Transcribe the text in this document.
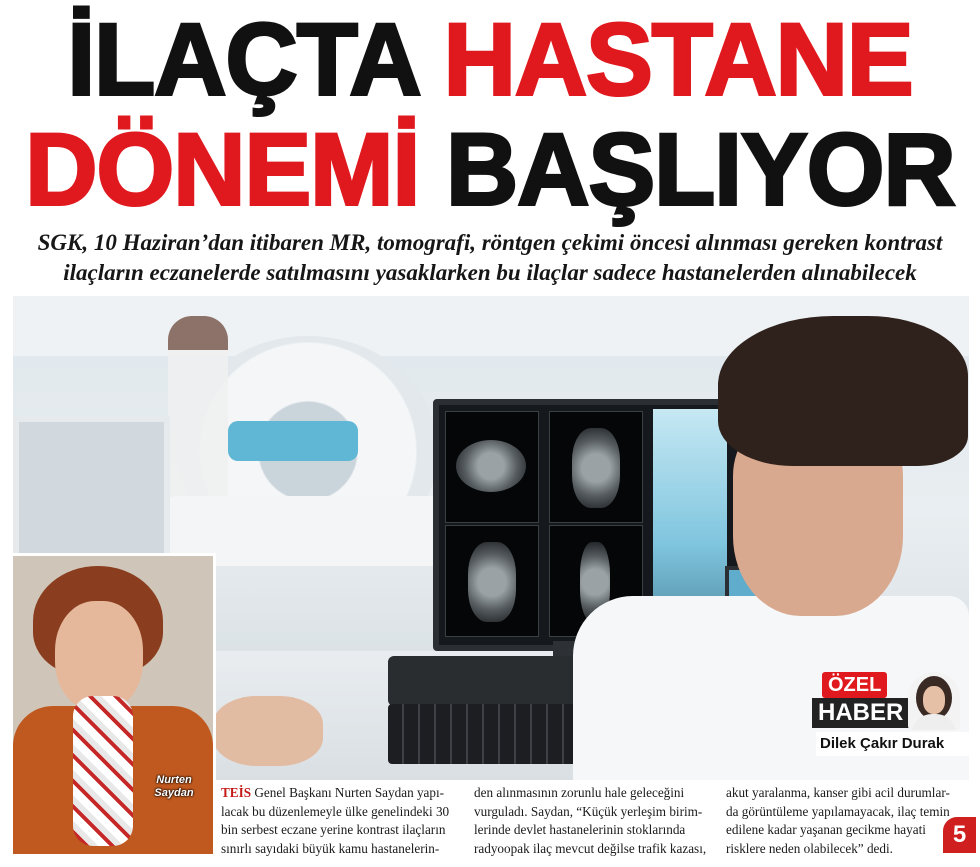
İLAÇTA HASTANE
DÖNEMİ BAŞLIYOR
SGK, 10 Haziran’dan itibaren MR, tomografi, röntgen çekimi öncesi alınması gereken kontrast
ilaçların eczanelerde satılmasını yasaklarken bu ilaçlar sadece hastanelerden alınabilecek
Nurten
Saydan
ÖZEL
HABER
Dilek Çakır Durak
TEİS Genel Başkanı Nurten Saydan yapı-
lacak bu düzenlemeyle ülke genelindeki 30
bin serbest eczane yerine kontrast ilaçların
sınırlı sayıdaki büyük kamu hastanelerin-
den alınmasının zorunlu hale geleceğini
vurguladı. Saydan, “Küçük yerleşim birim-
lerinde devlet hastanelerinin stoklarında
radyoopak ilaç mevcut değilse trafik kazası,
akut yaralanma, kanser gibi acil durumlar-
da görüntüleme yapılamayacak, ilaç temin
edilene kadar yaşanan gecikme hayati
risklere neden olabilecek” dedi.
5
